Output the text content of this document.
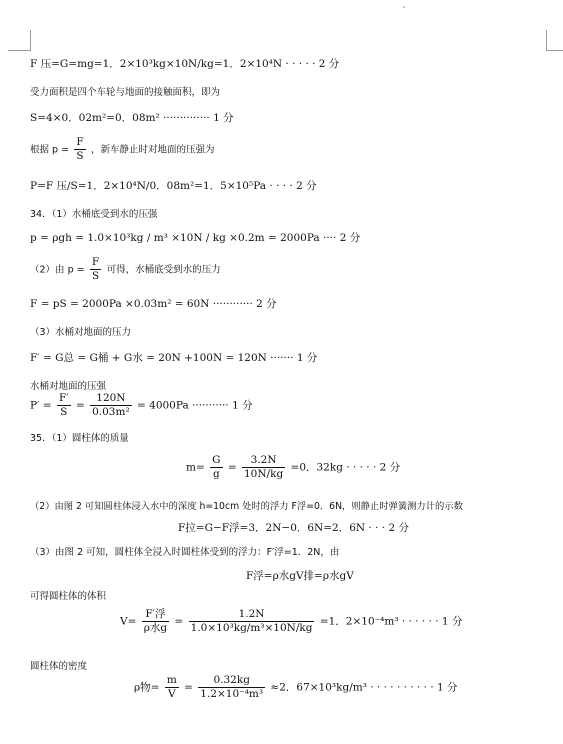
F 压=G=mg=1．2×10³kg×10N/kg=1．2×10⁴N · · · · · 2 分
受力面积是四个车轮与地面的接触面积，即为
S=4×0．02m²=0．08m² ·············· 1 分
根据 $p = \frac{F}{S}$ ，新车静止时对地面的压强为
P=F 压/S=1．2×10⁴N/0．08m²=1．5×10⁵Pa · · · · 2 分
34．（1）水桶底受到水的压强
p = ρgh = 1.0×10³kg / m³ ×10N / kg ×0.2m = 2000Pa ···· 2 分
（2）由 $p = \frac{F}{S}$ 可得，水桶底受到水的压力
F = pS = 2000Pa ×0.03m² = 60N ············ 2 分
（3）水桶对地面的压力
F′ = G总 = G桶 + G水 = 20N +100N = 120N ······· 1 分
水桶对地面的压强
$P' = \frac{F'}{S} = \frac{120N}{\text{0.03m²}} = 4000Pa$ ··········· 1 分
35．（1）圆柱体的质量
$m= \frac{G}{g} = \frac{3.2N}{10N/kg} =0$．32kg · · · · · 2 分
（2）由图 2 可知圆柱体浸入水中的深度 h=10cm 处时的浮力 F浮=0．6N，则静止时弹簧测力计的示数
F拉=G−F浮=3．2N−0．6N=2．6N · · · 2 分
（3）由图 2 可知，圆柱体全浸入时圆柱体受到的浮力：F′浮=1．2N，由
F浮=ρ水gV排=ρ水gV
可得圆柱体的体积
$V= \frac{\text{F′浮}}{\text{ρ水g}} = \frac{1.2N}{\text{1.0×10³kg/m³×10N/kg}} =1$．2×10⁻⁴m³ · · · · · · 1 分
圆柱体的密度
ρ物= $\frac{m}{V} = \frac{0.32kg}{\text{1.2×10⁻⁴m³}} \approx 2$．67×10³kg/m³ · · · · · · · · · · 1 分
